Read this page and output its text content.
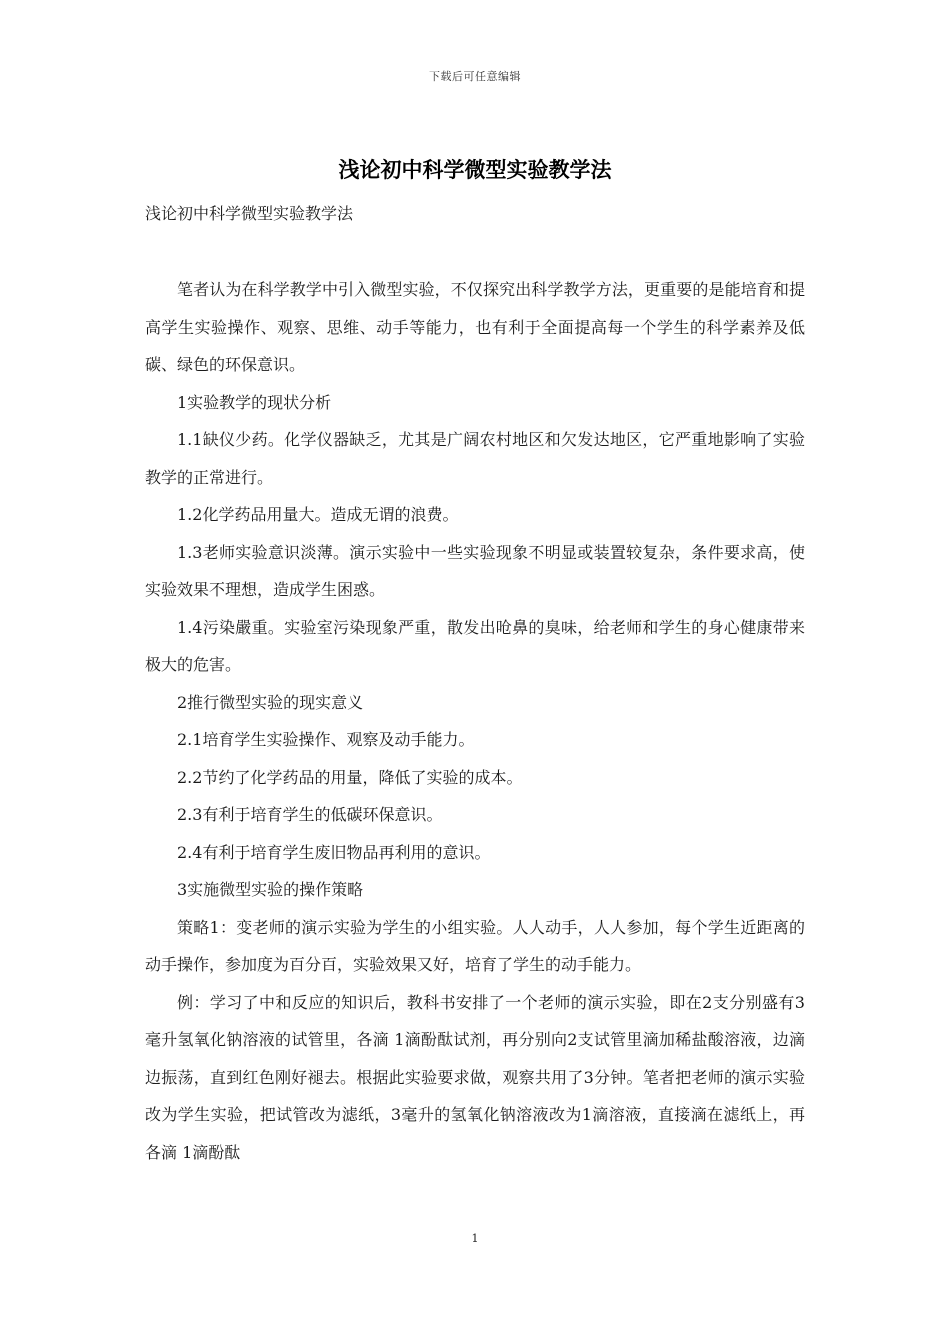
下载后可任意编辑
浅论初中科学微型实验教学法

浅论初中科学微型实验教学法

笔者认为在科学教学中引入微型实验，不仅探究出科学教学方法，更重要的是能培育和提高学生实验操作、观察、思维、动手等能力，也有利于全面提高每一个学生的科学素养及低碳、绿色的环保意识。

1实验教学的现状分析

1.1缺仪少药。化学仪器缺乏，尤其是广阔农村地区和欠发达地区，它严重地影响了实验教学的正常进行。

1.2化学药品用量大。造成无谓的浪费。

1.3老师实验意识淡薄。演示实验中一些实验现象不明显或装置较复杂，条件要求高，使实验效果不理想，造成学生困惑。

1.4污染嚴重。实验室污染现象严重，散发出呛鼻的臭味，给老师和学生的身心健康带来极大的危害。

2推行微型实验的现实意义

2.1培育学生实验操作、观察及动手能力。

2.2节约了化学药品的用量，降低了实验的成本。

2.3有利于培育学生的低碳环保意识。

2.4有利于培育学生废旧物品再利用的意识。

3实施微型实验的操作策略

策略1：变老师的演示实验为学生的小组实验。人人动手，人人参加，每个学生近距离的动手操作，参加度为百分百，实验效果又好，培育了学生的动手能力。

例：学习了中和反应的知识后，教科书安排了一个老师的演示实验，即在2支分别盛有3毫升氢氧化钠溶液的试管里，各滴 1滴酚酞试剂，再分别向2支试管里滴加稀盐酸溶液，边滴边振荡，直到红色刚好褪去。根据此实验要求做，观察共用了3分钟。笔者把老师的演示实验改为学生实验，把试管改为滤纸，3毫升的氢氧化钠溶液改为1滴溶液，直接滴在滤纸上，再各滴 1滴酚酞

1
